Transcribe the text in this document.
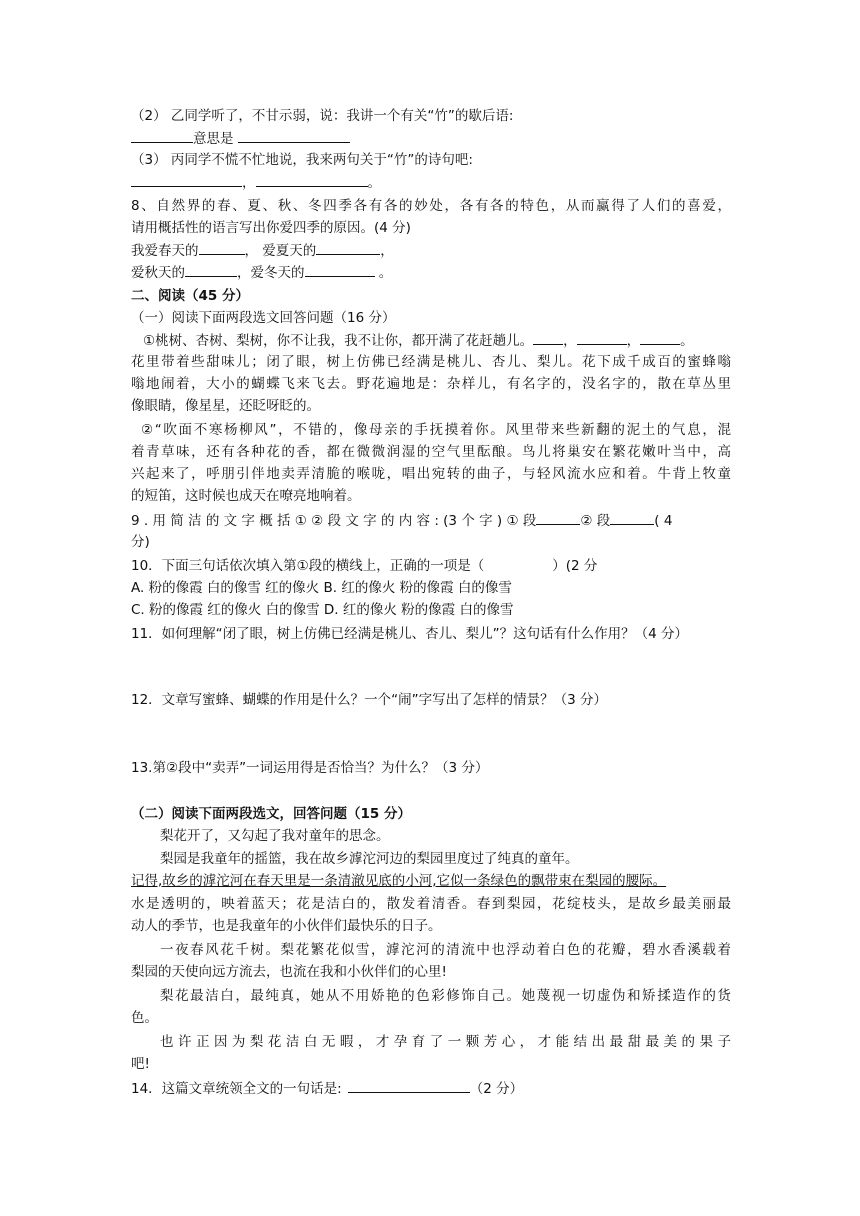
（2） 乙同学听了，不甘示弱，说：我讲一个有关“竹”的歇后语:
意思是
（3） 丙同学不慌不忙地说，我来两句关于“竹”的诗句吧:
，	。
8、自然界的春、夏、秋、冬四季各有各的妙处，各有各的特色，从而赢得了人们的喜爱，
请用概括性的语言写出你爱四季的原因。(4 分)
我爱春天的	， 爱夏天的	，
爱秋天的	，爱冬天的	。
二、阅读（45 分）
（一）阅读下面两段选文回答问题（16 分）
①桃树、杏树、梨树，你不让我，我不让你，都开满了花赶趟儿。 ，	，	。
花里带着些甜味儿；闭了眼，树上仿佛已经满是桃儿、杏儿、梨儿。花下成千成百的蜜蜂嗡
嗡地闹着，大小的蝴蝶飞来飞去。野花遍地是：杂样儿，有名字的，没名字的，散在草丛里
像眼睛，像星星，还眨呀眨的。
②“吹面不寒杨柳风”，不错的，像母亲的手抚摸着你。风里带来些新翻的泥土的气息，混
着青草味，还有各种花的香，都在微微润湿的空气里酝酿。鸟儿将巢安在繁花嫩叶当中，高
兴起来了，呼朋引伴地卖弄清脆的喉咙，唱出宛转的曲子，与轻风流水应和着。牛背上牧童
的短笛，这时候也成天在嘹亮地响着。
9 . 用 简 洁 的 文 字 概 括 ① ② 段 文 字 的 内 容 : (3 个 字 ) ① 段	② 段	( 4
分)
10．下面三句话依次填入第①段的横线上，正确的一项是（	）(2 分
A. 粉的像霞 白的像雪 红的像火 B. 红的像火 粉的像霞 白的像雪
C. 粉的像霞 红的像火 白的像雪 D. 红的像火 粉的像霞 白的像雪
11．如何理解“闭了眼，树上仿佛已经满是桃儿、杏儿、梨儿”？这句话有什么作用？（4 分）
12．文章写蜜蜂、蝴蝶的作用是什么？一个“闹”字写出了怎样的情景？（3 分）
13.第②段中“卖弄”一词运用得是否恰当？为什么？（3 分）
（二）阅读下面两段选文，回答问题（15 分）
梨花开了，又勾起了我对童年的思念。
梨园是我童年的摇篮，我在故乡滹沱河边的梨园里度过了纯真的童年。
记得,故乡的滹沱河在春天里是一条清澈见底的小河,它似一条绿色的飘带束在梨园的腰际。
水是透明的，映着蓝天；花是洁白的，散发着清香。春到梨园，花绽枝头，是故乡最美丽最
动人的季节，也是我童年的小伙伴们最快乐的日子。
一夜春风花千树。梨花繁花似雪，滹沱河的清流中也浮动着白色的花瓣，碧水香溪载着
梨园的天使向远方流去，也流在我和小伙伴们的心里!
梨花最洁白，最纯真，她从不用娇艳的色彩修饰自己。她蔑视一切虚伪和矫揉造作的货
色。
也许正因为梨花洁白无暇，才孕育了一颗芳心，才能结出最甜最美的果子
吧!
14．这篇文章统领全文的一句话是:	（2 分）
